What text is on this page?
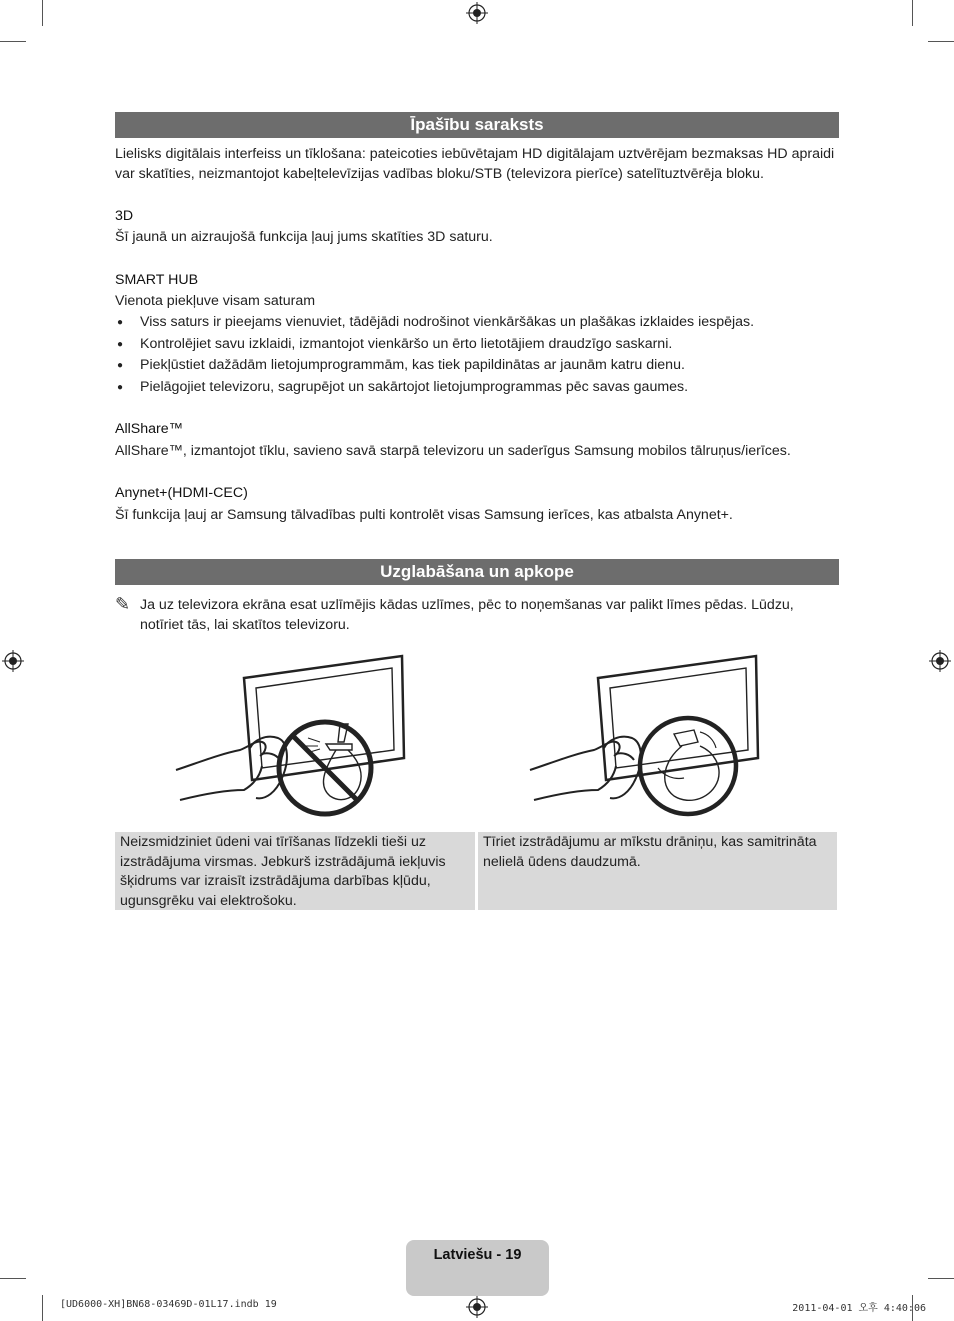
Īpašību saraksts

Lielisks digitālais interfeiss un tīklošana: pateicoties iebūvētajam HD digitālajam uztvērējam bezmaksas HD apraidi var skatīties, neizmantojot kabeļtelevīzijas vadības bloku/STB (televizora pierīce) satelītuztvērēja bloku.

3D
Šī jaunā un aizraujošā funkcija ļauj jums skatīties 3D saturu.
SMART HUB
Vienota piekļuve visam saturam
● Viss saturs ir pieejams vienuviet, tādējādi nodrošinot vienkāršākas un plašākas izklaides iespējas.
● Kontrolējiet savu izklaidi, izmantojot vienkāršo un ērto lietotājiem draudzīgo saskarni.
● Piekļūstiet dažādām lietojumprogrammām, kas tiek papildinātas ar jaunām katru dienu.
● Pielāgojiet televizoru, sagrupējot un sakārtojot lietojumprogrammas pēc savas gaumes.
AllShare™
AllShare™, izmantojot tīklu, savieno savā starpā televizoru un saderīgus Samsung mobilos tālruņus/ierīces.
Anynet+(HDMI-CEC)
Šī funkcija ļauj ar Samsung tālvadības pulti kontrolēt visas Samsung ierīces, kas atbalsta Anynet+.
Uzglabāšana un apkope
✎ Ja uz televizora ekrāna esat uzlīmējis kādas uzlīmes, pēc to noņemšanas var palikt līmes pēdas. Lūdzu, notīriet tās, lai skatītos televizoru.

Neizsmidziniet ūdeni vai tīrīšanas līdzekli tieši uz izstrādājuma virsmas. Jebkurš izstrādājumā iekļuvis šķidrums var izraisīt izstrādājuma darbības kļūdu, ugunsgrēku vai elektrošoku.
Tīriet izstrādājumu ar mīkstu drāniņu, kas samitrināta nelielā ūdens daudzumā.
Latviešu - 19
[UD6000-XH]BN68-03469D-01L17.indb 19	2011-04-01 오후 4:40:06
